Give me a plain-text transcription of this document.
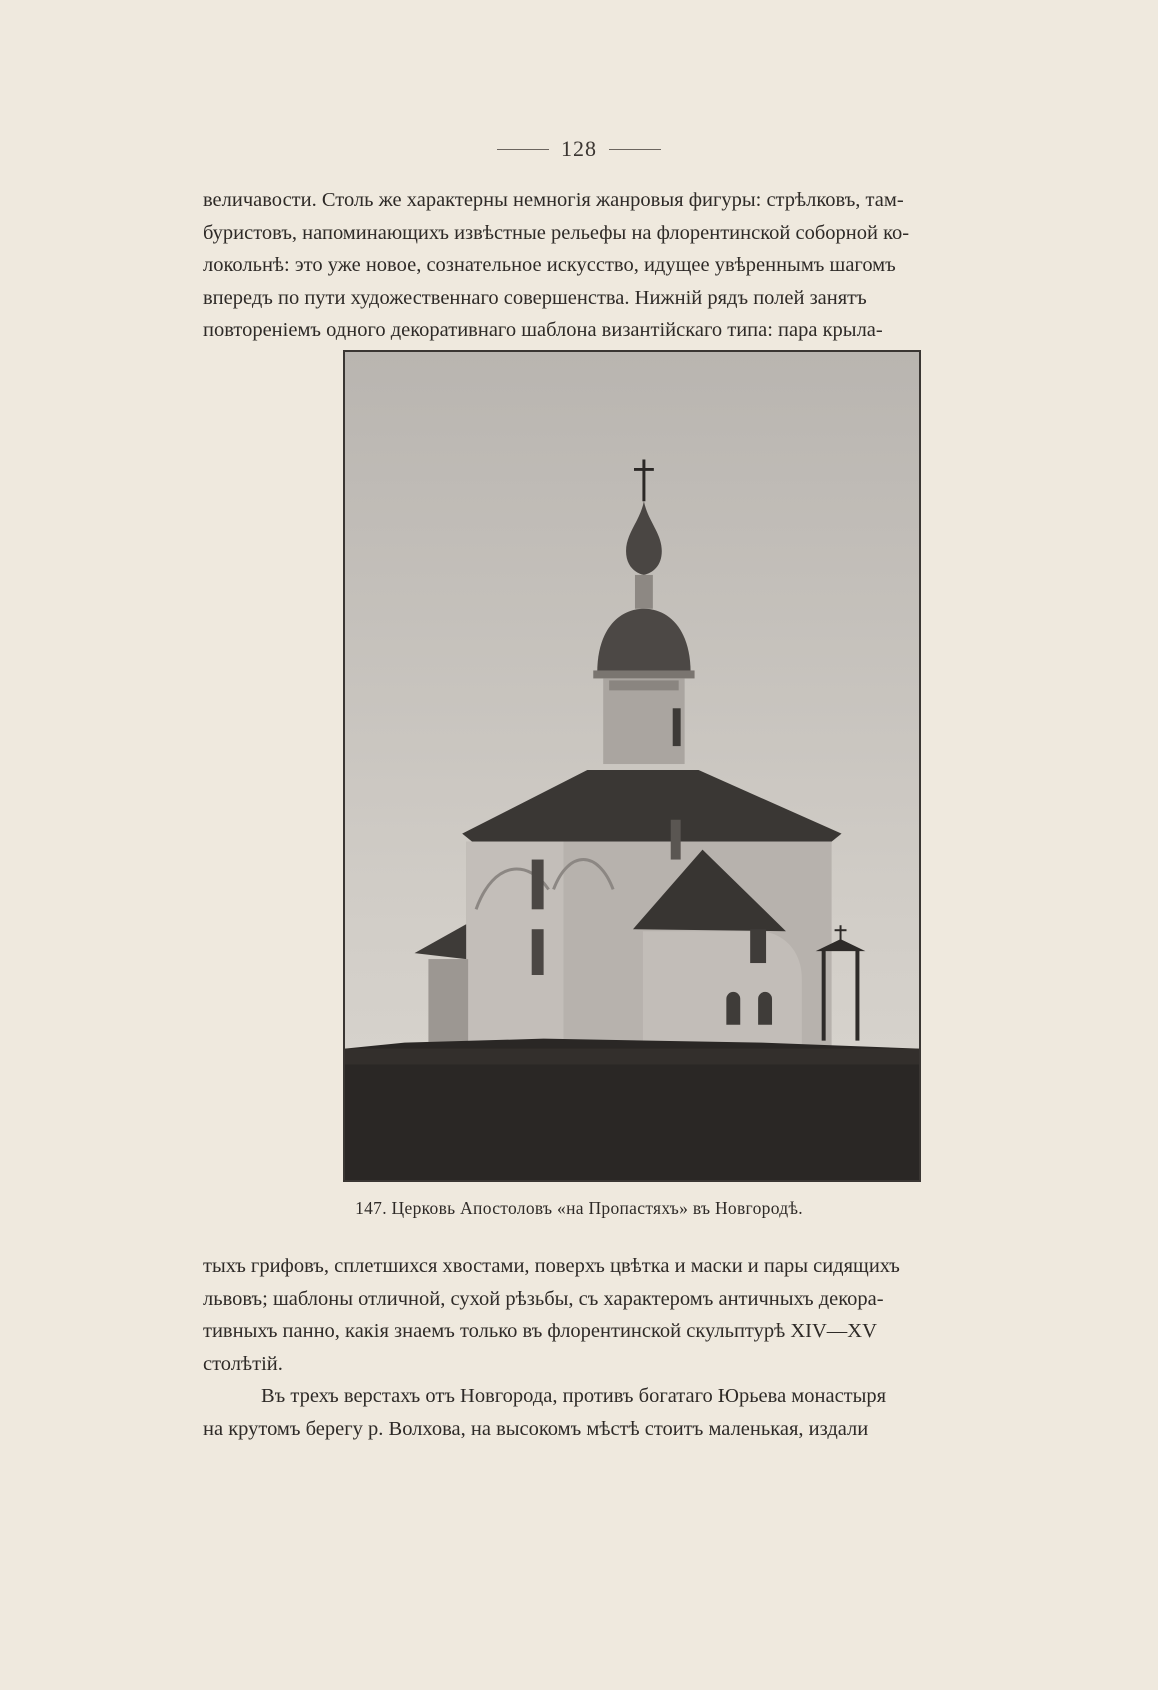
128
величавости. Столь же характерны немногія жанровыя фигуры: стрѣлковъ, там-
буристовъ, напоминающихъ извѣстные рельефы на флорентинской соборной ко-
локольнѣ: это уже новое, сознательное искусство, идущее увѣреннымъ шагомъ
впередъ по пути художественнаго совершенства. Нижній рядъ полей занятъ
повтореніемъ одного декоративнаго шаблона византійскаго типа: пара крыла-
147. Церковь Апостоловъ «на Пропастяхъ» въ Новгородѣ.
тыхъ грифовъ, сплетшихся хвостами, поверхъ цвѣтка и маски и пары сидящихъ
львовъ; шаблоны отличной, сухой рѣзьбы, съ характеромъ античныхъ декора-
тивныхъ панно, какія знаемъ только въ флорентинской скульптурѣ XIV—XV
столѣтій.
Въ трехъ верстахъ отъ Новгорода, противъ богатаго Юрьева монастыря
на крутомъ берегу р. Волхова, на высокомъ мѣстѣ стоитъ маленькая, издали
